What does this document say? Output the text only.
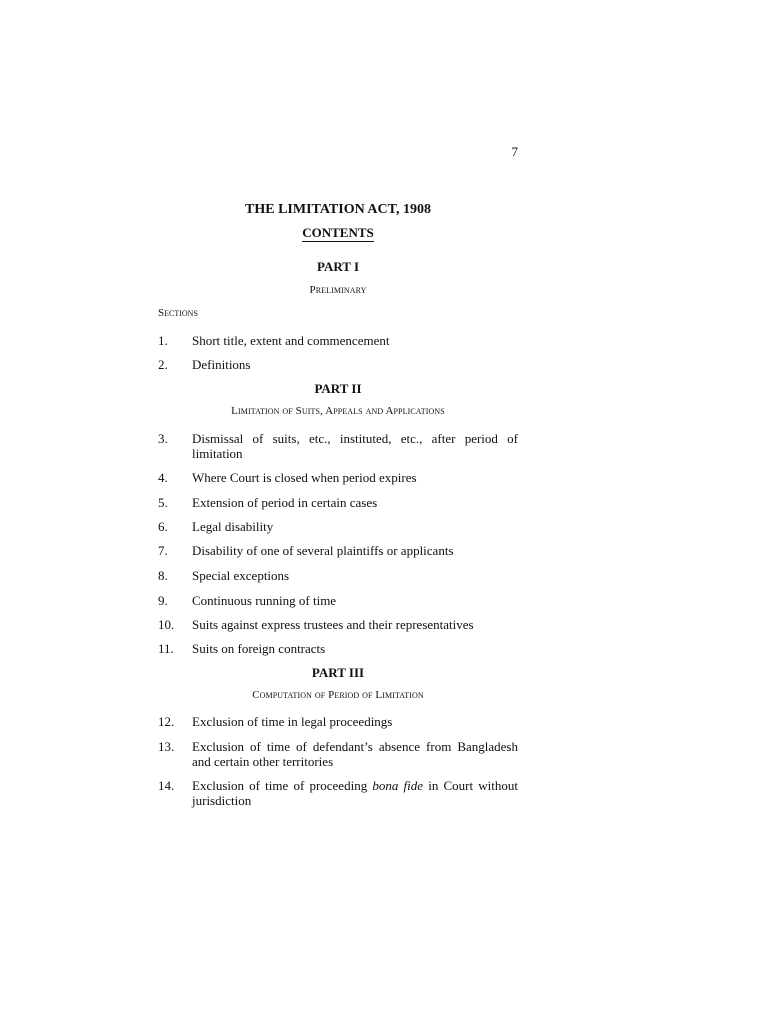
7
THE LIMITATION ACT, 1908
CONTENTS
PART I
Preliminary
Sections
1.	Short title, extent and commencement
2.	Definitions
PART II
Limitation of Suits, Appeals and Applications
3.	Dismissal of suits, etc., instituted, etc., after period of limitation
4.	Where Court is closed when period expires
5.	Extension of period in certain cases
6.	Legal disability
7.	Disability of one of several plaintiffs or applicants
8.	Special exceptions
9.	Continuous running of time
10.	Suits against express trustees and their representatives
11.	Suits on foreign contracts
PART III
Computation of Period of Limitation
12.	Exclusion of time in legal proceedings
13.	Exclusion of time of defendant’s absence from Bangladesh and certain other territories
14.	Exclusion of time of proceeding bona fide in Court without jurisdiction
